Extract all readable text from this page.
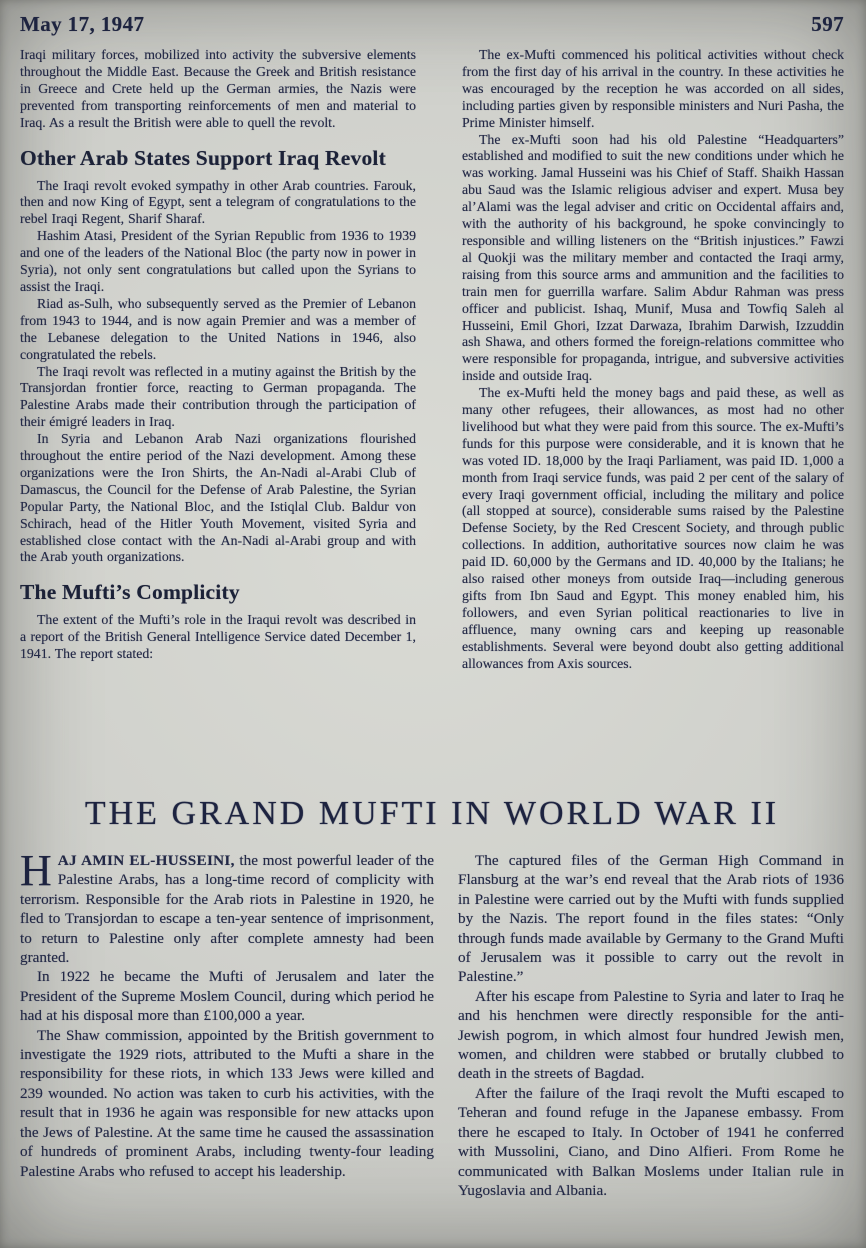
May 17, 1947	597

Iraqi military forces, mobilized into activity the subversive elements throughout the Middle East. Because the Greek and British resistance in Greece and Crete held up the German armies, the Nazis were prevented from transporting reinforcements of men and material to Iraq. As a result the British were able to quell the revolt.

Other Arab States Support Iraq Revolt

The Iraqi revolt evoked sympathy in other Arab countries. Farouk, then and now King of Egypt, sent a telegram of congratulations to the rebel Iraqi Regent, Sharif Sharaf.

Hashim Atasi, President of the Syrian Republic from 1936 to 1939 and one of the leaders of the National Bloc (the party now in power in Syria), not only sent congratulations but called upon the Syrians to assist the Iraqi.

Riad as-Sulh, who subsequently served as the Premier of Lebanon from 1943 to 1944, and is now again Premier and was a member of the Lebanese delegation to the United Nations in 1946, also congratulated the rebels.

The Iraqi revolt was reflected in a mutiny against the British by the Transjordan frontier force, reacting to German propaganda. The Palestine Arabs made their contribution through the participation of their émigré leaders in Iraq.

In Syria and Lebanon Arab Nazi organizations flourished throughout the entire period of the Nazi development. Among these organizations were the Iron Shirts, the An-Nadi al-Arabi Club of Damascus, the Council for the Defense of Arab Palestine, the Syrian Popular Party, the National Bloc, and the Istiqlal Club. Baldur von Schirach, head of the Hitler Youth Movement, visited Syria and established close contact with the An-Nadi al-Arabi group and with the Arab youth organizations.

The Mufti’s Complicity

The extent of the Mufti’s role in the Iraqui revolt was described in a report of the British General Intelligence Service dated December 1, 1941. The report stated:

The ex-Mufti commenced his political activities without check from the first day of his arrival in the country. In these activities he was encouraged by the reception he was accorded on all sides, including parties given by responsible ministers and Nuri Pasha, the Prime Minister himself.

The ex-Mufti soon had his old Palestine “Headquarters” established and modified to suit the new conditions under which he was working. Jamal Husseini was his Chief of Staff. Shaikh Hassan abu Saud was the Islamic religious adviser and expert. Musa bey al’Alami was the legal adviser and critic on Occidental affairs and, with the authority of his background, he spoke convincingly to responsible and willing listeners on the “British injustices.” Fawzi al Quokji was the military member and contacted the Iraqi army, raising from this source arms and ammunition and the facilities to train men for guerrilla warfare. Salim Abdur Rahman was press officer and publicist. Ishaq, Munif, Musa and Towfiq Saleh al Husseini, Emil Ghori, Izzat Darwaza, Ibrahim Darwish, Izzuddin ash Shawa, and others formed the foreign-relations committee who were responsible for propaganda, intrigue, and subversive activities inside and outside Iraq.

The ex-Mufti held the money bags and paid these, as well as many other refugees, their allowances, as most had no other livelihood but what they were paid from this source. The ex-Mufti’s funds for this purpose were considerable, and it is known that he was voted ID. 18,000 by the Iraqi Parliament, was paid ID. 1,000 a month from Iraqi service funds, was paid 2 per cent of the salary of every Iraqi government official, including the military and police (all stopped at source), considerable sums raised by the Palestine Defense Society, by the Red Crescent Society, and through public collections. In addition, authoritative sources now claim he was paid ID. 60,000 by the Germans and ID. 40,000 by the Italians; he also raised other moneys from outside Iraq—including generous gifts from Ibn Saud and Egypt. This money enabled him, his followers, and even Syrian political reactionaries to live in affluence, many owning cars and keeping up reasonable establishments. Several were beyond doubt also getting additional allowances from Axis sources.

THE GRAND MUFTI IN WORLD WAR II

HAJ AMIN EL-HUSSEINI, the most powerful leader of the Palestine Arabs, has a long-time record of complicity with terrorism. Responsible for the Arab riots in Palestine in 1920, he fled to Transjordan to escape a ten-year sentence of imprisonment, to return to Palestine only after complete amnesty had been granted.

In 1922 he became the Mufti of Jerusalem and later the President of the Supreme Moslem Council, during which period he had at his disposal more than £100,000 a year.

The Shaw commission, appointed by the British government to investigate the 1929 riots, attributed to the Mufti a share in the responsibility for these riots, in which 133 Jews were killed and 239 wounded. No action was taken to curb his activities, with the result that in 1936 he again was responsible for new attacks upon the Jews of Palestine. At the same time he caused the assassination of hundreds of prominent Arabs, including twenty-four leading Palestine Arabs who refused to accept his leadership.

The captured files of the German High Command in Flansburg at the war’s end reveal that the Arab riots of 1936 in Palestine were carried out by the Mufti with funds supplied by the Nazis. The report found in the files states: “Only through funds made available by Germany to the Grand Mufti of Jerusalem was it possible to carry out the revolt in Palestine.”

After his escape from Palestine to Syria and later to Iraq he and his henchmen were directly responsible for the anti-Jewish pogrom, in which almost four hundred Jewish men, women, and children were stabbed or brutally clubbed to death in the streets of Bagdad.

After the failure of the Iraqi revolt the Mufti escaped to Teheran and found refuge in the Japanese embassy. From there he escaped to Italy. In October of 1941 he conferred with Mussolini, Ciano, and Dino Alfieri. From Rome he communicated with Balkan Moslems under Italian rule in Yugoslavia and Albania.
